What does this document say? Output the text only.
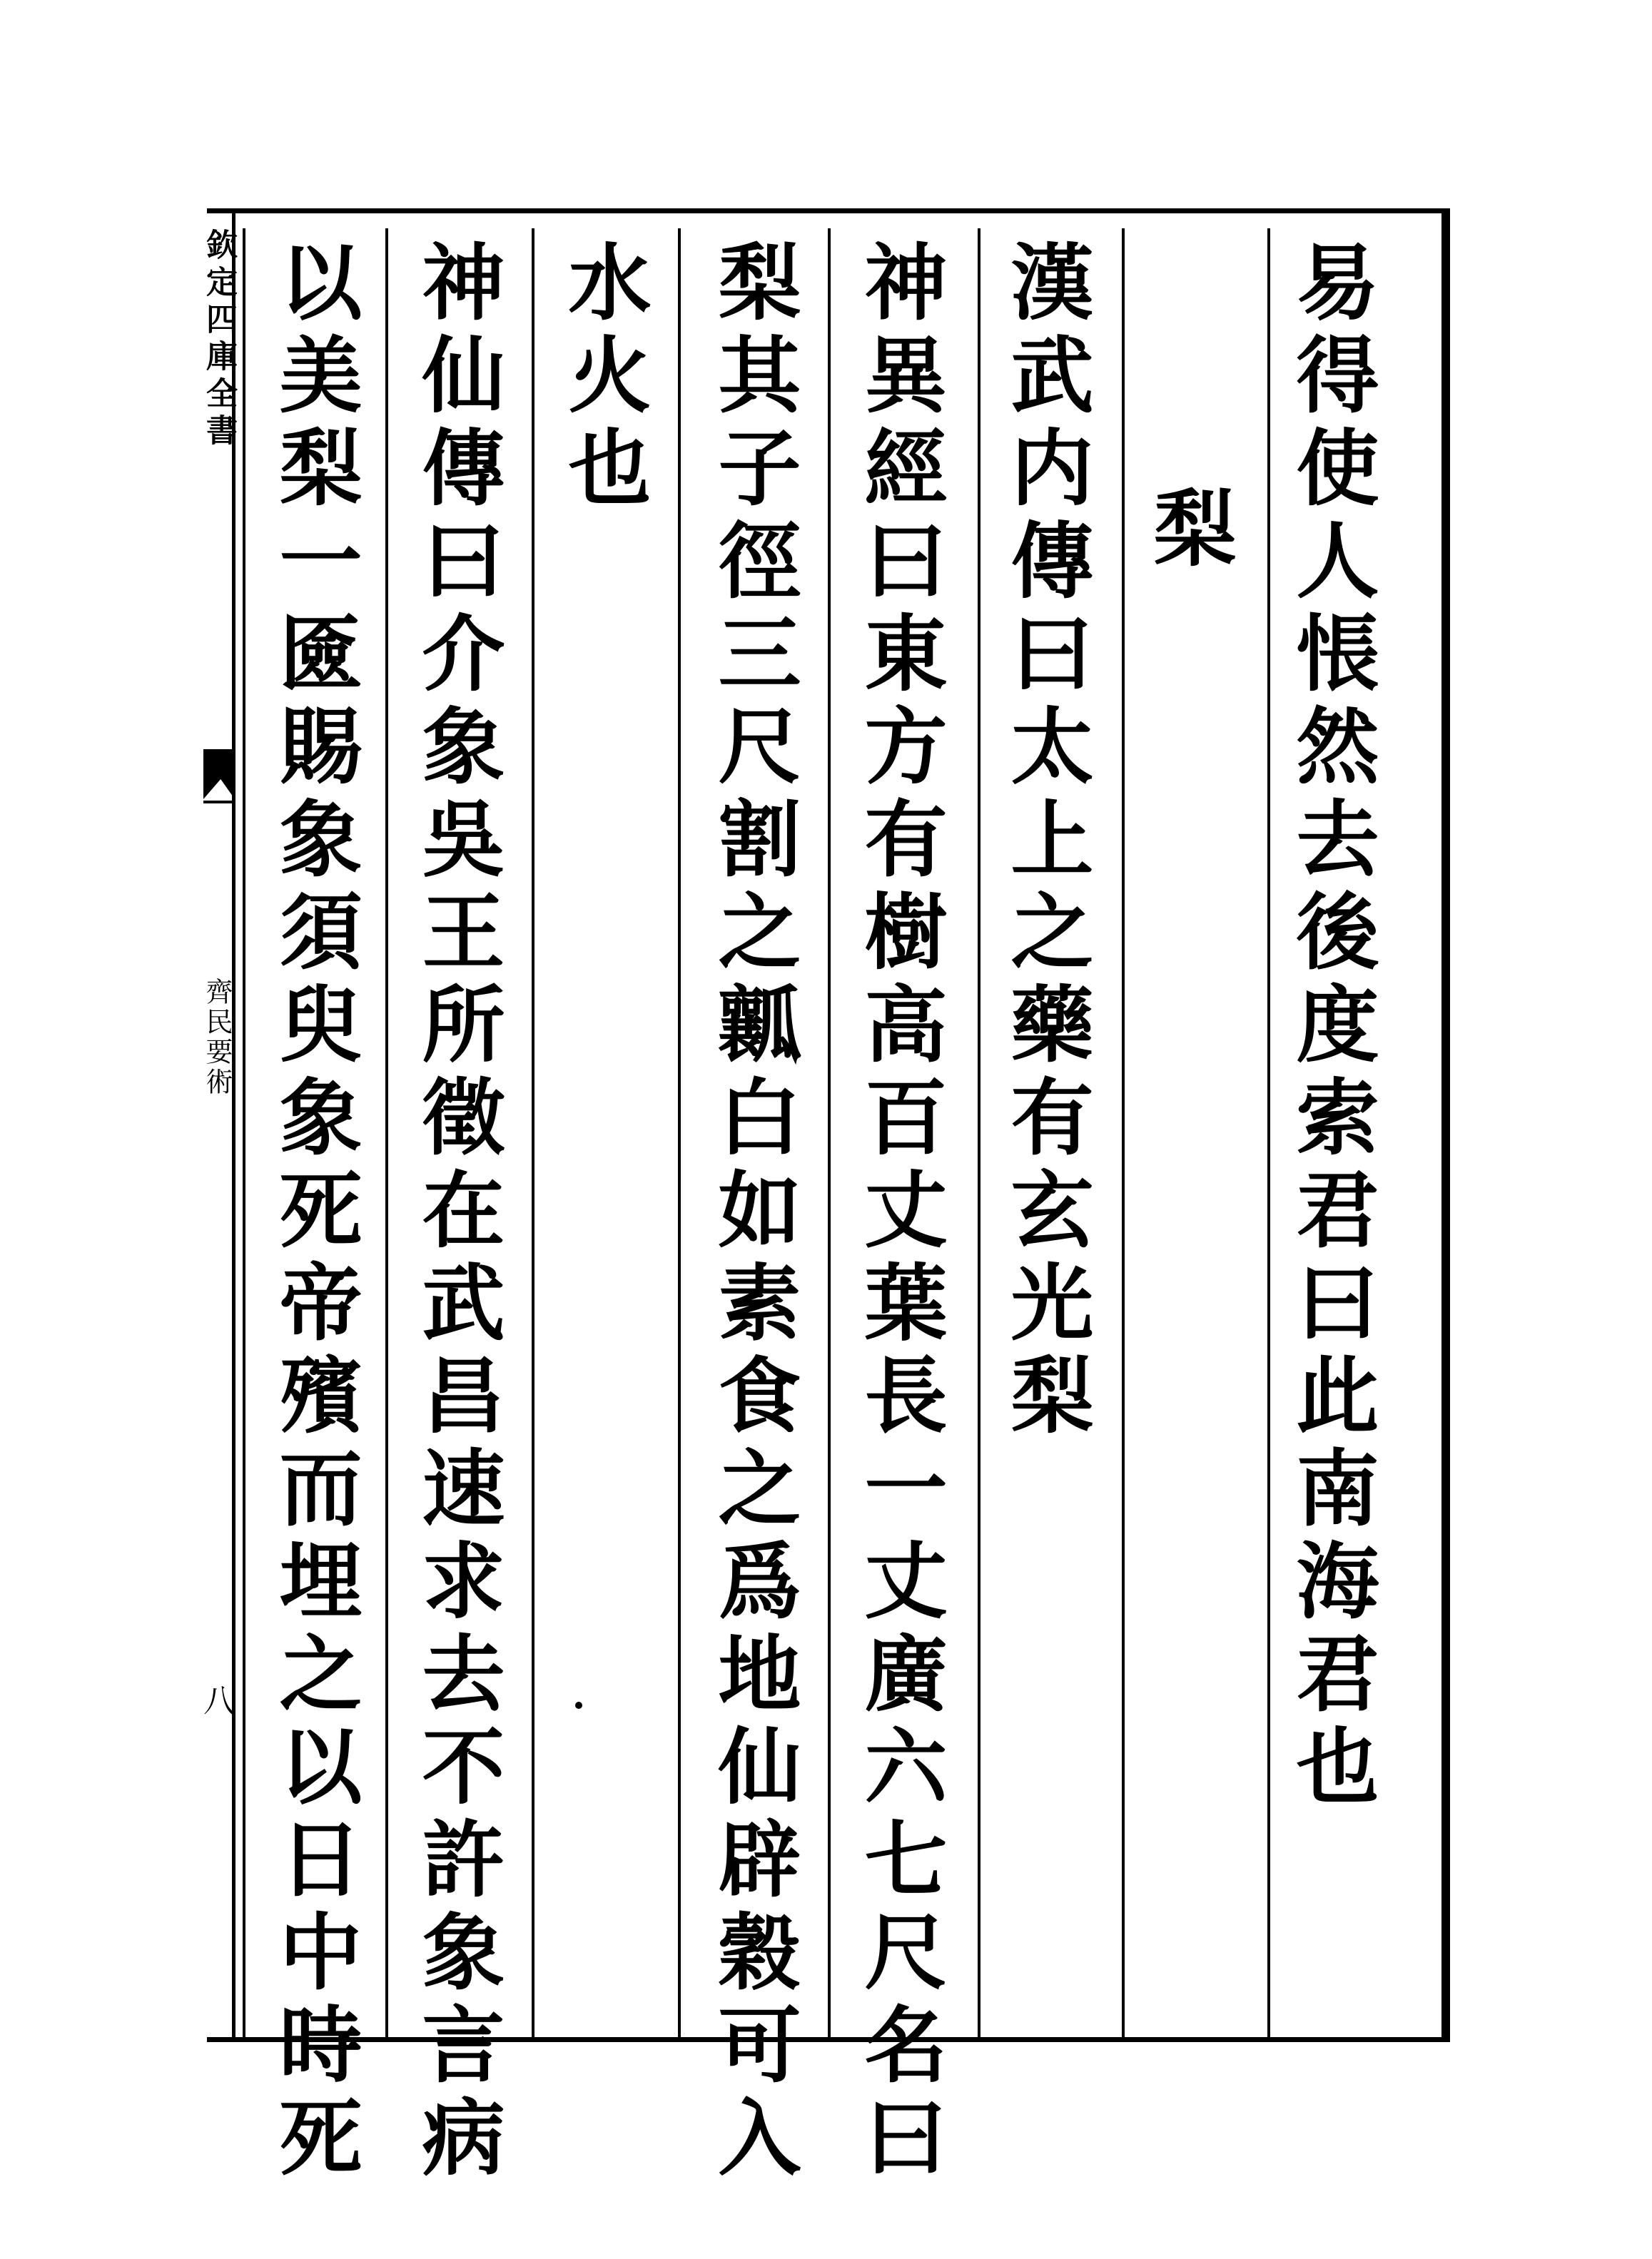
欽定四庫全書
齊民要術
八	易得使人悵然去後度索君曰此南海君也
梨
漢武内傳曰太上之藥有玄光梨
神異經曰東方有樹高百丈葉長一丈廣六七尺名曰
梨其子徑三尺割之瓤白如素食之爲地仙辟穀可入
水火也
神仙傳曰介象吳王所徵在武昌速求去不許象言病
以美梨一匳賜象須臾象死帝殯而埋之以日中時死
